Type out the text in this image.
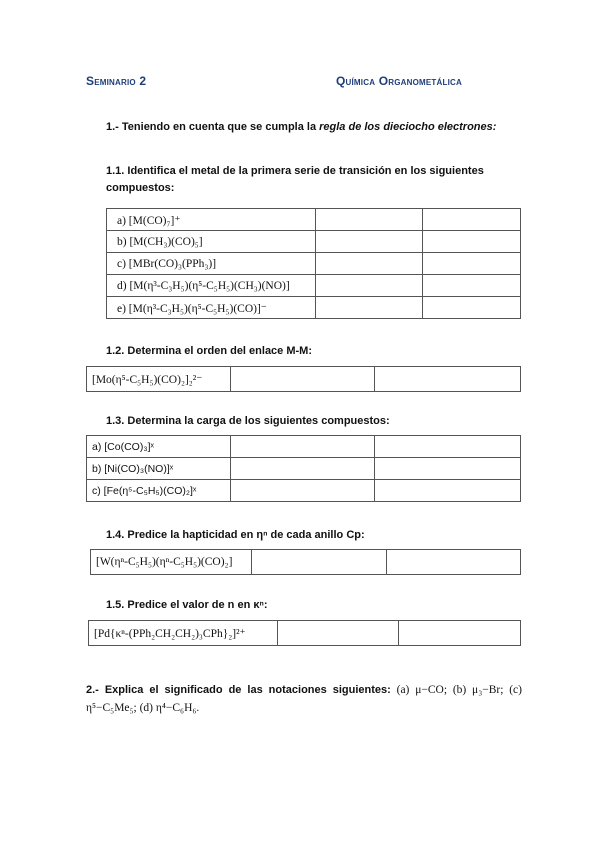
Seminario 2	Química Organometálica
1.- Teniendo en cuenta que se cumpla la regla de los dieciocho electrones:
1.1. Identifica el metal de la primera serie de transición en los siguientes compuestos:
a) [M(CO)₇]⁺		
b) [M(CH₃)(CO)₅]		
c) [MBr(CO)₃(PPh₃)]		
d) [M(η³-C₃H₅)(η⁵-C₅H₅)(CH₃)(NO)]		
e) [M(η³-C₃H₅)(η⁵-C₅H₅)(CO)]⁻		
1.2. Determina el orden del enlace M-M:
[Mo(η⁵-C₅H₅)(CO)₂]₂²⁻		
1.3. Determina la carga de los siguientes compuestos:
a) [Co(CO)₃]ˣ		
b) [Ni(CO)₃(NO)]ˣ		
c) [Fe(η⁵-C₅H₅)(CO)₂]ˣ		
1.4. Predice la hapticidad en ηⁿ de cada anillo Cp:
[W(ηⁿ-C₅H₅)(ηⁿ-C₅H₅)(CO)₂]		
1.5. Predice el valor de n en κⁿ:
[Pd{κⁿ-(PPh₂CH₂CH₂)₃CPh}₂]²⁺		
2.- Explica el significado de las notaciones siguientes: (a) μ−CO; (b) μ₃−Br; (c) η⁵−C₅Me₅; (d) η⁴−C₆H₆.
